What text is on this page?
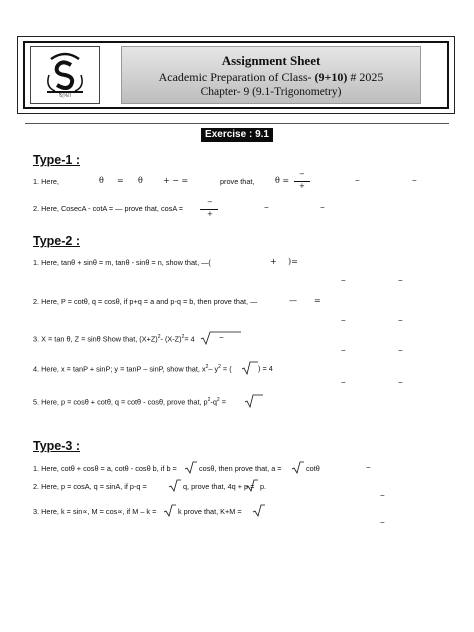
ছায়া
Assignment Sheet
Academic Preparation of Class- (9+10) # 2025
Chapter- 9 (9.1-Trigonometry)
Exercise : 9.1
Type-1 :
1. Here,	θ = θ	+ − =	prove that,	θ =
−
+
−	−
2. Here, CosecA - cotA = — prove that, cosA =
−
+
−	−
Type-2 :
1. Here, tanθ + sinθ = m, tanθ - sinθ = n, show that, —(	+ )=
−	−
2. Here, P = cotθ, q = cosθ, if p+q = a and p-q = b, then prove that, —	— =
−	−
3. X = tan θ, Z = sinθ Show that, $(X+Z)^2-$ $(X-Z)^2= 4$	−
−	−
4. Here, x = tanP + sinP; y = tanP – sinP, show that, $x^2-$ $y^2$ = (	) = 4
−	−
5. Here, p = cosθ + cotθ, q = cotθ - cosθ, prove that, $p^2-q^2$ =
Type-3 :
1. Here, cotθ + cosθ = a, cotθ - cosθ b, if b =	cosθ, then prove that, a =	cotθ	−
2. Here, p = cosA, q = sinA, if p-q =	q, prove that, 4q + p = p.
−
3. Here, k = sin∝, M = cos∝, if M – k =	k prove that, K+M =
−
